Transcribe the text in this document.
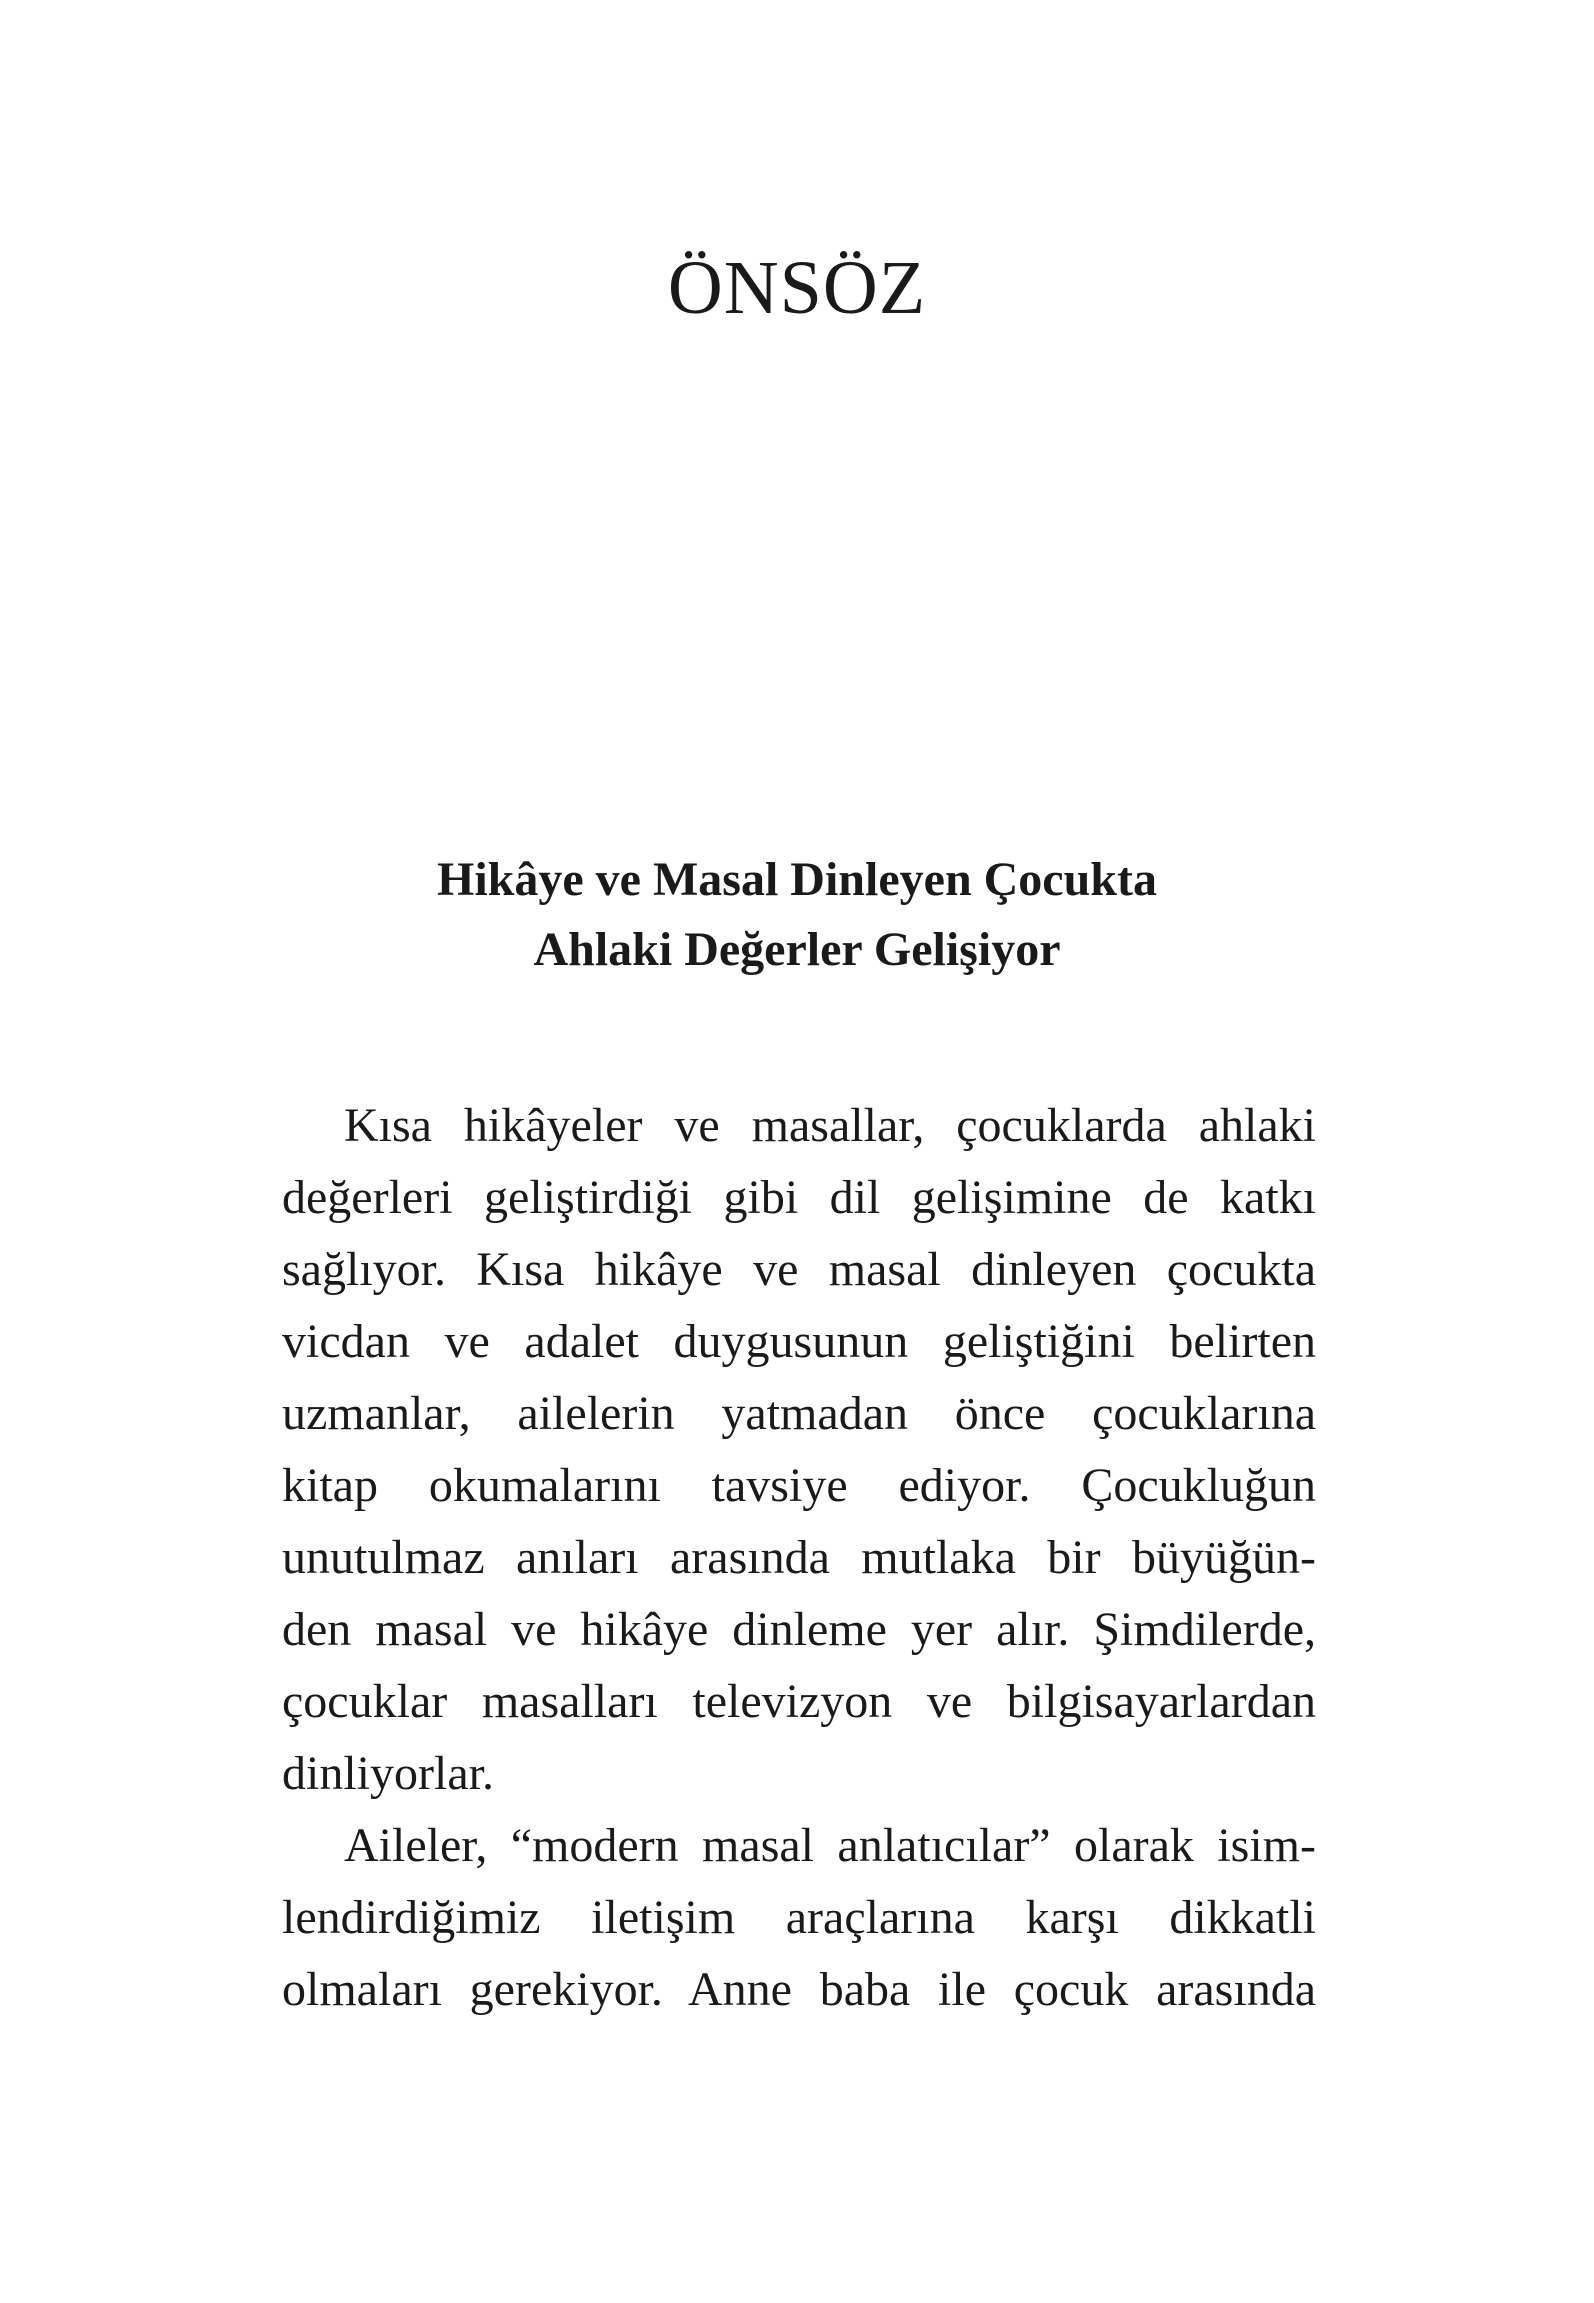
ÖNSÖZ
Hikâye ve Masal Dinleyen Çocukta
Ahlaki Değerler Gelişiyor
Kısa hikâyeler ve masallar, çocuklarda ahlaki
değerleri geliştirdiği gibi dil gelişimine de katkı
sağlıyor. Kısa hikâye ve masal dinleyen çocukta
vicdan ve adalet duygusunun geliştiğini belirten
uzmanlar, ailelerin yatmadan önce çocuklarına
kitap okumalarını tavsiye ediyor. Çocukluğun
unutulmaz anıları arasında mutlaka bir büyüğün-
den masal ve hikâye dinleme yer alır. Şimdilerde,
çocuklar masalları televizyon ve bilgisayarlardan
dinliyorlar.
Aileler, “modern masal anlatıcılar” olarak isim-
lendirdiğimiz iletişim araçlarına karşı dikkatli
olmaları gerekiyor. Anne baba ile çocuk arasında
